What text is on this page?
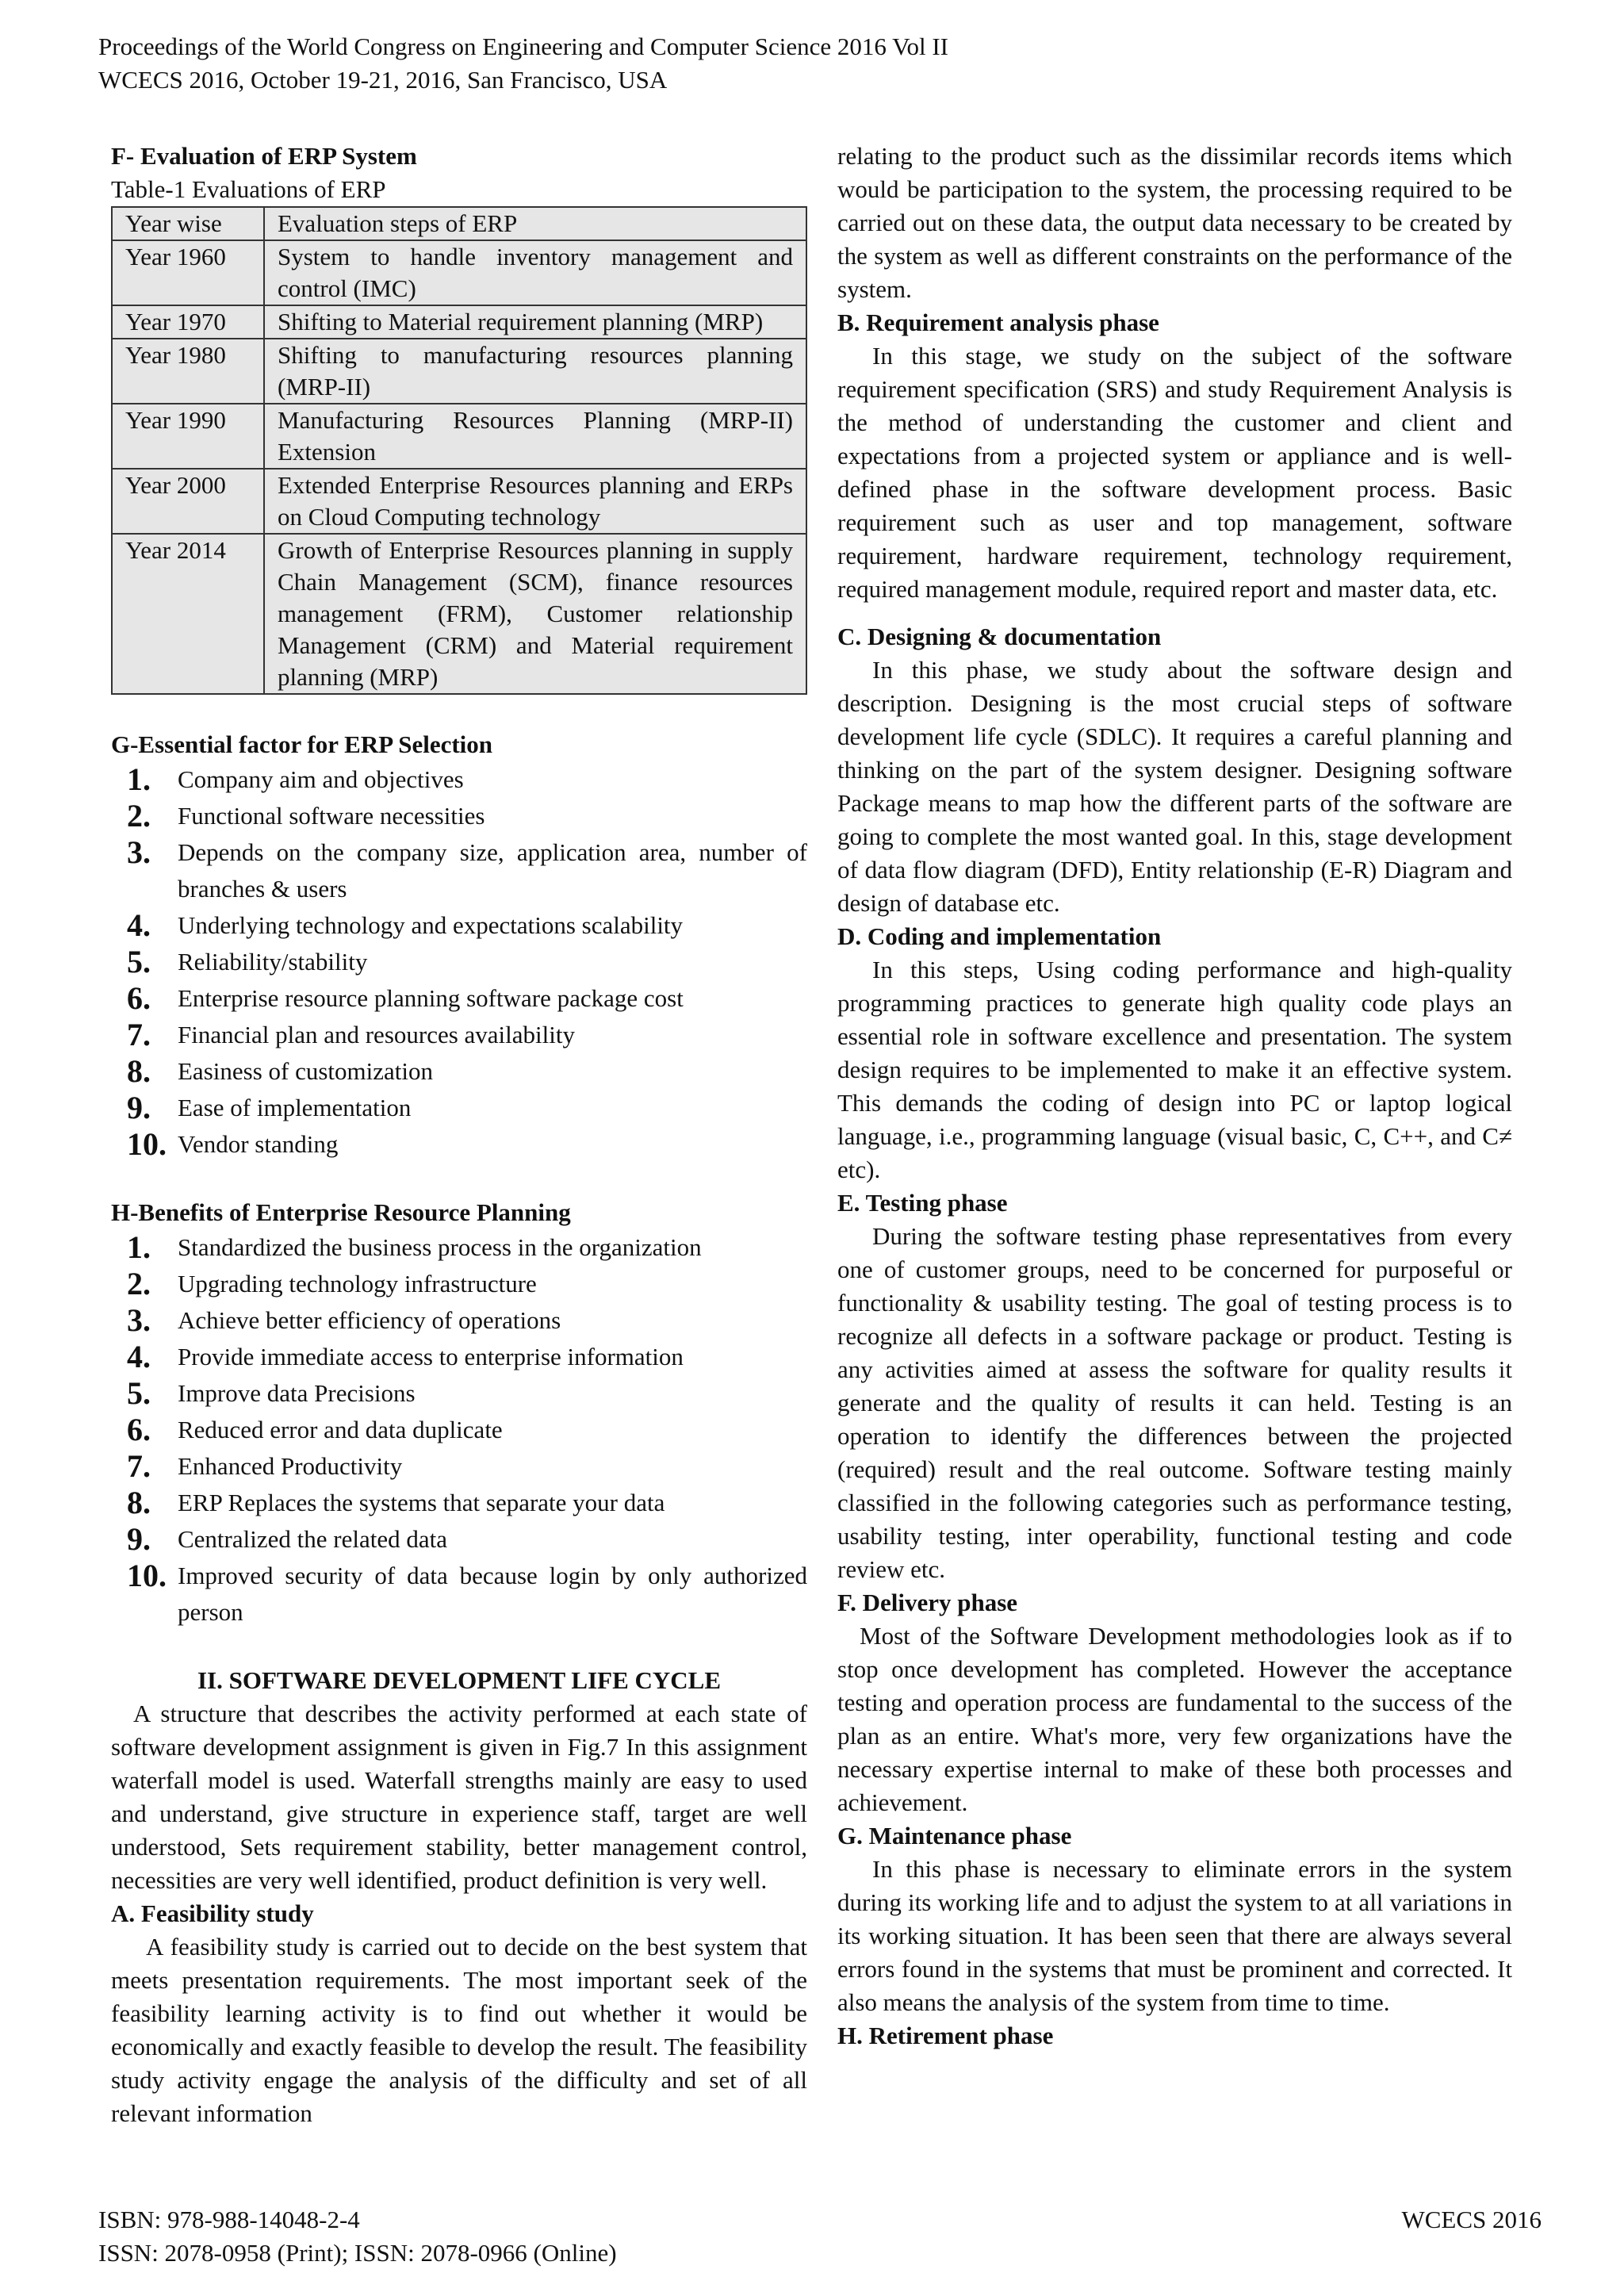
Proceedings of the World Congress on Engineering and Computer Science 2016 Vol II
WCECS 2016, October 19-21, 2016, San Francisco, USA
F- Evaluation of ERP System
Table-1 Evaluations of ERP
Year wise	Evaluation steps of ERP
Year 1960	System to handle inventory management and control (IMC)
Year 1970	Shifting to Material requirement planning (MRP)
Year 1980	Shifting to manufacturing resources planning (MRP-II)
Year 1990	Manufacturing Resources Planning (MRP-II) Extension
Year 2000	Extended Enterprise Resources planning and ERPs on Cloud Computing technology
Year 2014	Growth of Enterprise Resources planning in supply Chain Management (SCM), finance resources management (FRM), Customer relationship Management (CRM) and Material requirement planning (MRP)
G-Essential factor for ERP Selection
1. Company aim and objectives
2. Functional software necessities
3. Depends on the company size, application area, number of branches & users
4. Underlying technology and expectations scalability
5. Reliability/stability
6. Enterprise resource planning software package cost
7. Financial plan and resources availability
8. Easiness of customization
9. Ease of implementation
10. Vendor standing
H-Benefits of Enterprise Resource Planning
1. Standardized the business process in the organization
2. Upgrading technology infrastructure
3. Achieve better efficiency of operations
4. Provide immediate access to enterprise information
5. Improve data Precisions
6. Reduced error and data duplicate
7. Enhanced Productivity
8. ERP Replaces the systems that separate your data
9. Centralized the related data
10. Improved security of data because login by only authorized person
II. SOFTWARE DEVELOPMENT LIFE CYCLE
A structure that describes the activity performed at each state of software development assignment is given in Fig.7 In this assignment waterfall model is used. Waterfall strengths mainly are easy to used and understand, give structure in experience staff, target are well understood, Sets requirement stability, better management control, necessities are very well identified, product definition is very well.
A. Feasibility study
A feasibility study is carried out to decide on the best system that meets presentation requirements. The most important seek of the feasibility learning activity is to find out whether it would be economically and exactly feasible to develop the result. The feasibility study activity engage the analysis of the difficulty and set of all relevant information
relating to the product such as the dissimilar records items which would be participation to the system, the processing required to be carried out on these data, the output data necessary to be created by the system as well as different constraints on the performance of the system.
B. Requirement analysis phase
In this stage, we study on the subject of the software requirement specification (SRS) and study Requirement Analysis is the method of understanding the customer and client and expectations from a projected system or appliance and is well-defined phase in the software development process. Basic requirement such as user and top management, software requirement, hardware requirement, technology requirement, required management module, required report and master data, etc.
C. Designing & documentation
In this phase, we study about the software design and description. Designing is the most crucial steps of software development life cycle (SDLC). It requires a careful planning and thinking on the part of the system designer. Designing software Package means to map how the different parts of the software are going to complete the most wanted goal. In this, stage development of data flow diagram (DFD), Entity relationship (E-R) Diagram and design of database etc.
D. Coding and implementation
In this steps, Using coding performance and high-quality programming practices to generate high quality code plays an essential role in software excellence and presentation. The system design requires to be implemented to make it an effective system. This demands the coding of design into PC or laptop logical language, i.e., programming language (visual basic, C, C++, and C≠ etc).
E. Testing phase
During the software testing phase representatives from every one of customer groups, need to be concerned for purposeful or functionality & usability testing. The goal of testing process is to recognize all defects in a software package or product. Testing is any activities aimed at assess the software for quality results it generate and the quality of results it can held. Testing is an operation to identify the differences between the projected (required) result and the real outcome. Software testing mainly classified in the following categories such as performance testing, usability testing, inter operability, functional testing and code review etc.
F. Delivery phase
Most of the Software Development methodologies look as if to stop once development has completed. However the acceptance testing and operation process are fundamental to the success of the plan as an entire. What's more, very few organizations have the necessary expertise internal to make of these both processes and achievement.
G. Maintenance phase
In this phase is necessary to eliminate errors in the system during its working life and to adjust the system to at all variations in its working situation. It has been seen that there are always several errors found in the systems that must be prominent and corrected. It also means the analysis of the system from time to time.
H. Retirement phase
ISBN: 978-988-14048-2-4
ISSN: 2078-0958 (Print); ISSN: 2078-0966 (Online)
WCECS 2016
